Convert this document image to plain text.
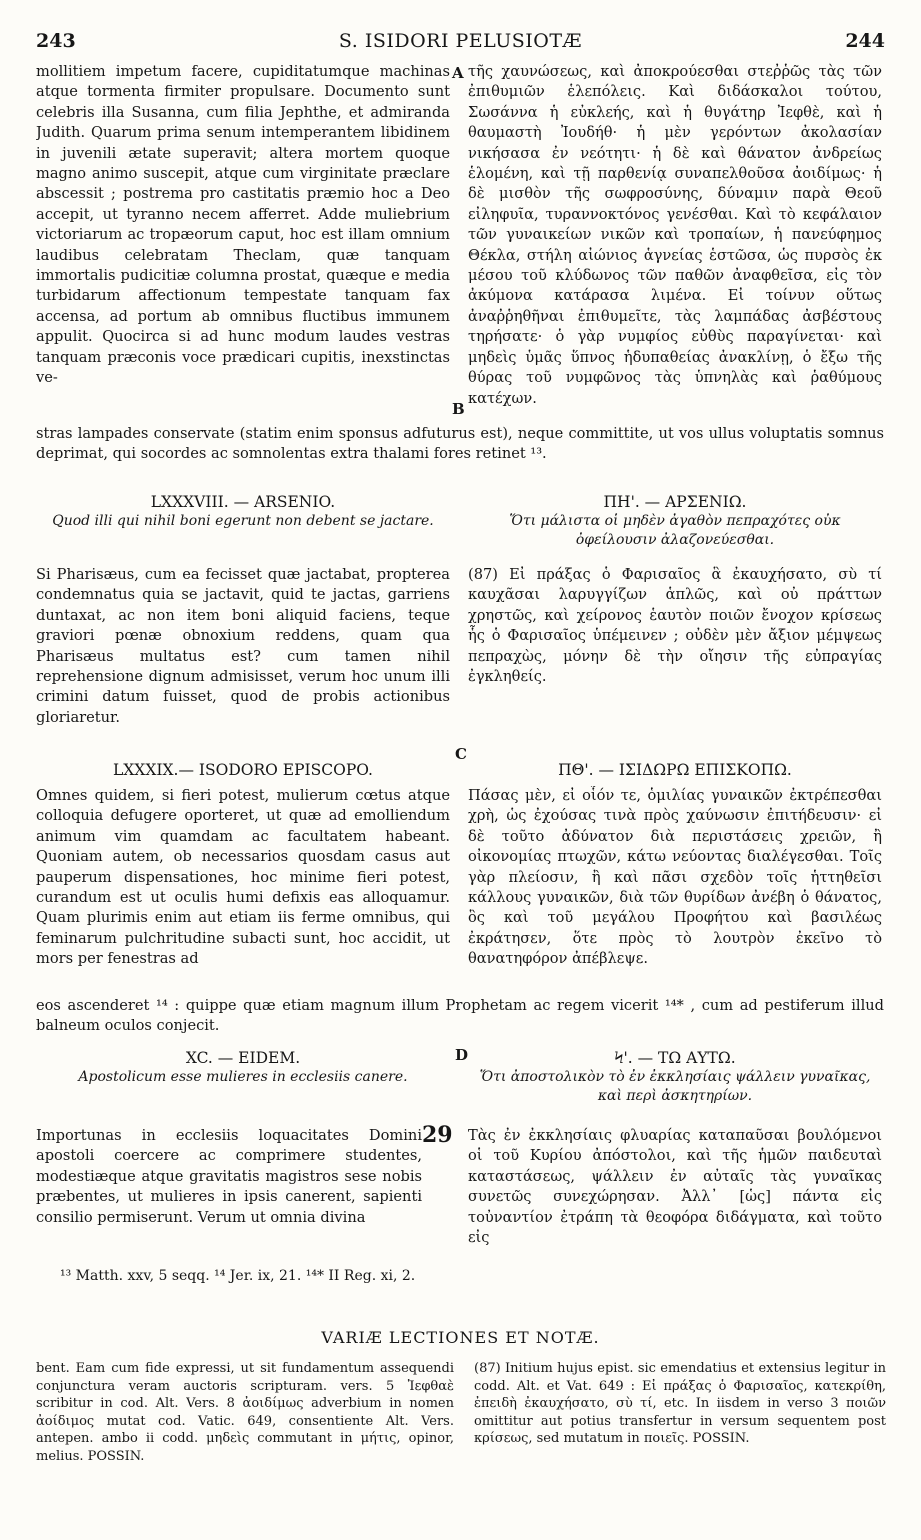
243	S. ISIDORI PELUSIOTÆ	244

mollitiem impetum facere, cupiditatumque machinas atque tormenta firmiter propulsare. Documento sunt celebris illa Susanna, cum filia Jephthe, et admiranda Judith. Quarum prima senum intemperantem libidinem in juvenili ætate superavit; altera mortem quoque magno animo suscepit, atque cum virginitate præclare abscessit ; postrema pro castitatis præmio hoc a Deo accepit, ut tyranno necem afferret. Adde muliebrium victoriarum ac tropæorum caput, hoc est illam omnium laudibus celebratam Theclam, quæ tanquam immortalis pudicitiæ columna prostat, quæque e media turbidarum affectionum tempestate tanquam fax accensa, ad portum ab omnibus fluctibus immunem appulit. Quocirca si ad hunc modum laudes vestras tanquam præconis voce prædicari cupitis, inexstinctas ve-

τῆς χαυνώσεως, καὶ ἀποκρούεσθαι στεῤῥῶς τὰς τῶν ἐπιθυμιῶν ἑλεπόλεις. Καὶ διδάσκαλοι τούτου, Σωσάννα ἡ εὐκλεής, καὶ ἡ θυγάτηρ Ἰεφθὲ, καὶ ἡ θαυμαστὴ Ἰουδήθ· ἡ μὲν γερόντων ἀκολασίαν νικήσασα ἐν νεότητι· ἡ δὲ καὶ θάνατον ἀνδρείως ἑλομένη, καὶ τῇ παρθενίᾳ συναπελθοῦσα ἀοιδίμως· ἡ δὲ μισθὸν τῆς σωφροσύνης, δύναμιν παρὰ Θεοῦ εἰληφυῖα, τυραννοκτόνος γενέσθαι. Καὶ τὸ κεφάλαιον τῶν γυναικείων νικῶν καὶ τροπαίων, ἡ πανεύφημος Θέκλα, στήλη αἰώνιος ἁγνείας ἑστῶσα, ὡς πυρσὸς ἐκ μέσου τοῦ κλύδωνος τῶν παθῶν ἀναφθεῖσα, εἰς τὸν ἀκύμονα κατάρασα λιμένα. Εἰ τοίνυν οὕτως ἀναῤῥηθῆναι ἐπιθυμεῖτε, τὰς λαμπάδας ἀσβέστους τηρήσατε· ὁ γὰρ νυμφίος εὐθὺς παραγίνεται· καὶ μηδεὶς ὑμᾶς ὕπνος ἡδυπαθείας ἀνακλίνῃ, ὁ ἔξω τῆς θύρας τοῦ νυμφῶνος τὰς ὑπνηλὰς καὶ ῥαθύμους κατέχων.

stras lampades conservate (statim enim sponsus adfuturus est), neque committite, ut vos ullus voluptatis somnus deprimat, qui socordes ac somnolentas extra thalami fores retinet ¹³.

LXXXVIII. — ARSENIO.

Quod illi qui nihil boni egerunt non debent se jactare.

ΠΗ'. — ΑΡΣΕΝΙΩ.

Ὅτι μάλιστα οἱ μηδὲν ἀγαθὸν πεπραχότες οὐκ ὀφείλουσιν ἀλαζονεύεσθαι.

Si Pharisæus, cum ea fecisset quæ jactabat, propterea condemnatus quia se jactavit, quid te jactas, garriens duntaxat, ac non item boni aliquid faciens, teque graviori pœnæ obnoxium reddens, quam qua Pharisæus multatus est? cum tamen nihil reprehensione dignum admisisset, verum hoc unum illi crimini datum fuisset, quod de probis actionibus gloriaretur.

(87) Εἰ πράξας ὁ Φαρισαῖος ἃ ἐκαυχήσατο, σὺ τί καυχᾶσαι λαρυγγίζων ἁπλῶς, καὶ οὐ πράττων χρηστῶς, καὶ χείρονος ἑαυτὸν ποιῶν ἔνοχον κρίσεως ἧς ὁ Φαρισαῖος ὑπέμεινεν ; οὐδὲν μὲν ἄξιον μέμψεως πεπραχὼς, μόνην δὲ τὴν οἴησιν τῆς εὐπραγίας ἐγκληθείς.

LXXXIX.— ISODORO EPISCOPO.	ΠΘ'. — ΙΣΙΔΩΡΩ ΕΠΙΣΚΟΠΩ.

Omnes quidem, si fieri potest, mulierum cœtus atque colloquia defugere oporteret, ut quæ ad emolliendum animum vim quamdam ac facultatem habeant. Quoniam autem, ob necessarios quosdam casus aut pauperum dispensationes, hoc minime fieri potest, curandum est ut oculis humi defixis eas alloquamur. Quam plurimis enim aut etiam iis ferme omnibus, qui feminarum pulchritudine subacti sunt, hoc accidit, ut mors per fenestras ad

Πάσας μὲν, εἰ οἷόν τε, ὁμιλίας γυναικῶν ἐκτρέπεσθαι χρὴ, ὡς ἐχούσας τινὰ πρὸς χαύνωσιν ἐπιτήδευσιν· εἰ δὲ τοῦτο ἀδύνατον διὰ περιστάσεις χρειῶν, ἢ οἰκονομίας πτωχῶν, κάτω νεύοντας διαλέγεσθαι. Τοῖς γὰρ πλείοσιν, ἢ καὶ πᾶσι σχεδὸν τοῖς ἡττηθεῖσι κάλλους γυναικῶν, διὰ τῶν θυρίδων ἀνέβη ὁ θάνατος, ὃς καὶ τοῦ μεγάλου Προφήτου καὶ βασιλέως ἐκράτησεν, ὅτε πρὸς τὸ λουτρὸν ἐκεῖνο τὸ θανατηφόρον ἀπέβλεψε.

eos ascenderet ¹⁴ : quippe quæ etiam magnum illum Prophetam ac regem vicerit ¹⁴* , cum ad pestiferum illud balneum oculos conjecit.

XC. — EIDEM.

Apostolicum esse mulieres in ecclesiis canere.

Ϟ'. — ΤΩ ΑΥΤΩ.

Ὅτι ἀποστολικὸν τὸ ἐν ἐκκλησίαις ψάλλειν γυναῖκας, καὶ περὶ ἀσκητηρίων.

Importunas in ecclesiis loquacitates Domini apostoli coercere ac comprimere studentes, modestiæque atque gravitatis magistros sese nobis præbentes, ut mulieres in ipsis canerent, sapienti consilio permiserunt. Verum ut omnia divina

Τὰς ἐν ἐκκλησίαις φλυαρίας καταπαῦσαι βουλόμενοι οἱ τοῦ Κυρίου ἀπόστολοι, καὶ τῆς ἡμῶν παιδευταὶ καταστάσεως, ψάλλειν ἐν αὐταῖς τὰς γυναῖκας συνετῶς συνεχώρησαν. Ἀλλ᾽ [ὡς] πάντα εἰς τοὐναντίον ἐτράπη τὰ θεοφόρα διδάγματα, καὶ τοῦτο εἰς

29
A
B
C
D
¹³ Matth. xxv, 5 seqq. ¹⁴ Jer. ix, 21. ¹⁴* II Reg. xi, 2.
VARIÆ LECTIONES ET NOTÆ.

bent. Eam cum fide expressi, ut sit fundamentum assequendi conjunctura veram auctoris scripturam. vers. 5 Ἰεφθαὲ scribitur in cod. Alt. Vers. 8 ἀοιδίμως adverbium in nomen ἀοίδιμος mutat cod. Vatic. 649, consentiente Alt. Vers. antepen. ambo ii codd. μηδεὶς commutant in μήτις, opinor, melius. POSSIN.

(87) Initium hujus epist. sic emendatius et extensius legitur in codd. Alt. et Vat. 649 : Εἰ πράξας ὁ Φαρισαῖος, κατεκρίθη, ἐπειδὴ ἐκαυχήσατο, σὺ τί, etc. In iisdem in verso 3 ποιῶν omittitur aut potius transfertur in versum sequentem post κρίσεως, sed mutatum in ποιεῖς. POSSIN.
